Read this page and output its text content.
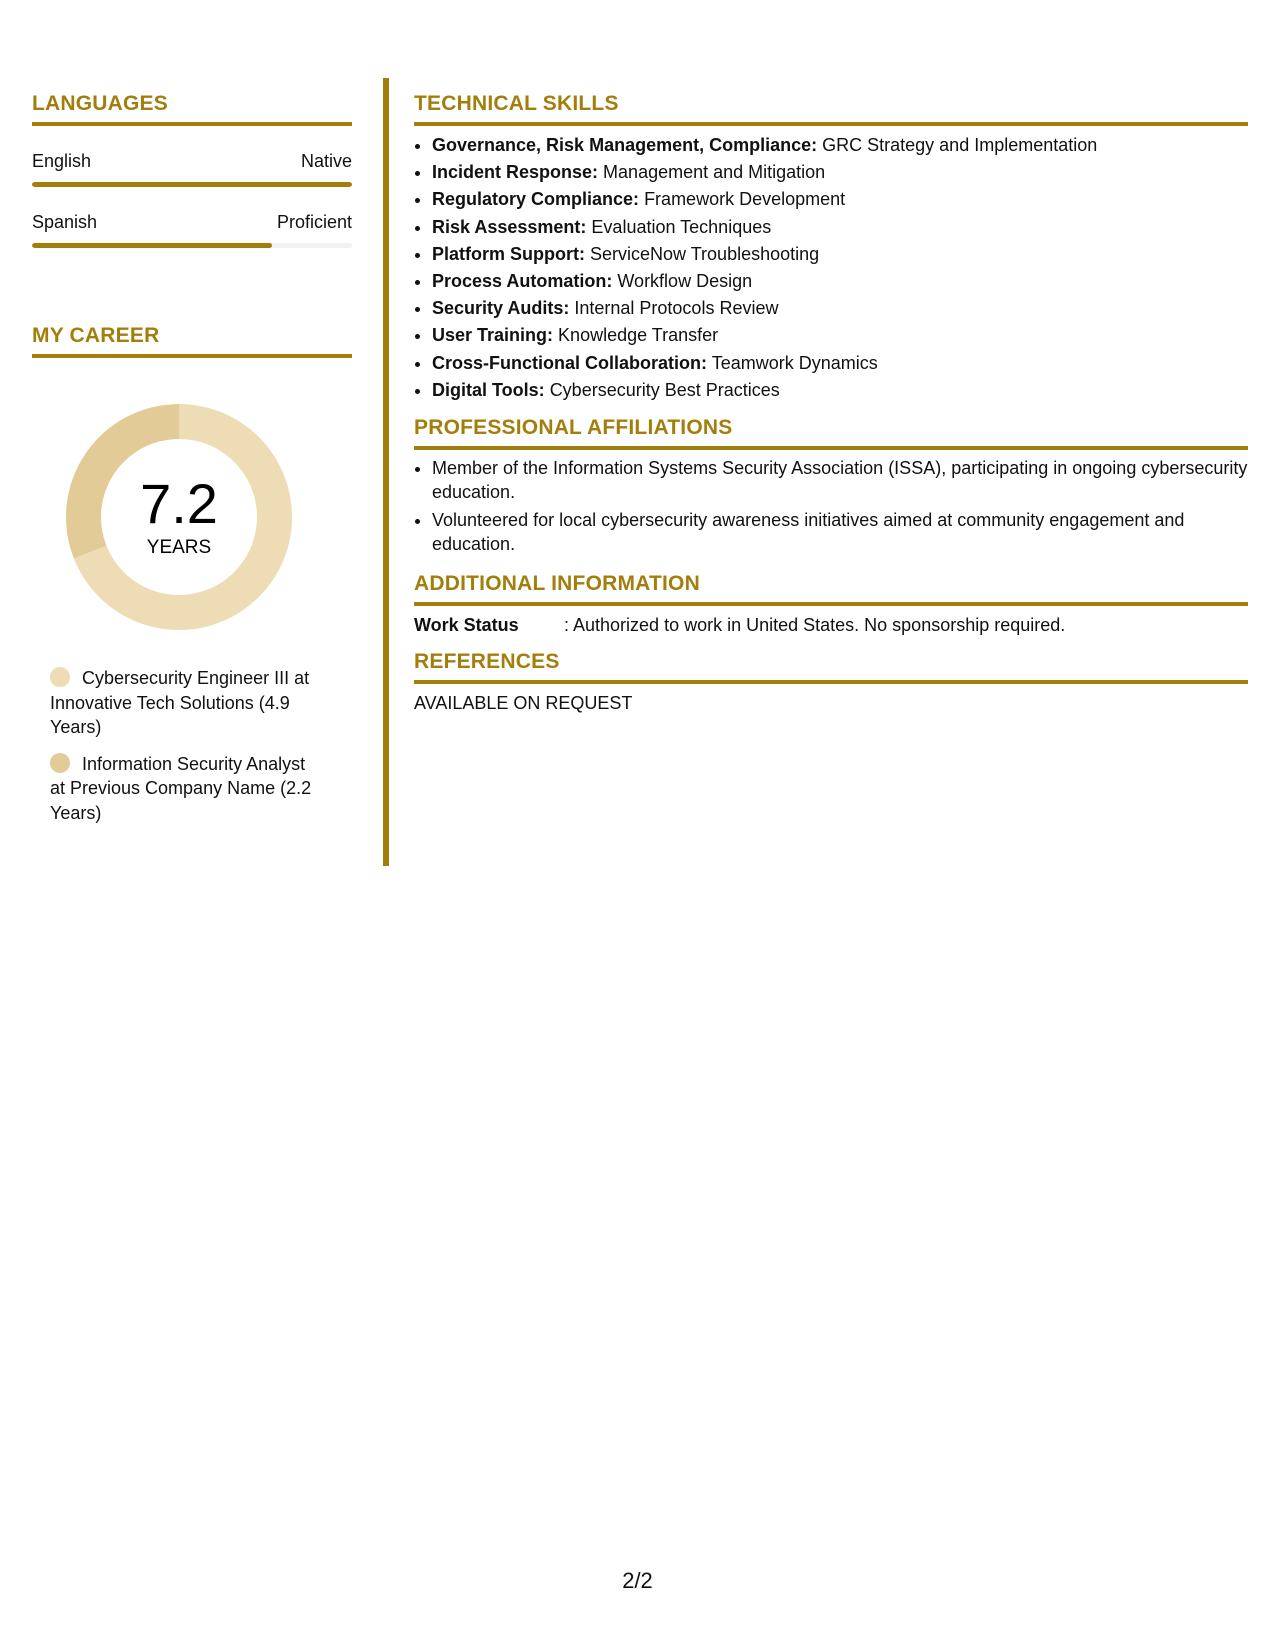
LANGUAGES
English	Native
Spanish	Proficient
MY CAREER
7.2
YEARS
Cybersecurity Engineer III at Innovative Tech Solutions (4.9 Years)
Information Security Analyst at Previous Company Name (2.2 Years)
TECHNICAL SKILLS
• Governance, Risk Management, Compliance: GRC Strategy and Implementation
• Incident Response: Management and Mitigation
• Regulatory Compliance: Framework Development
• Risk Assessment: Evaluation Techniques
• Platform Support: ServiceNow Troubleshooting
• Process Automation: Workflow Design
• Security Audits: Internal Protocols Review
• User Training: Knowledge Transfer
• Cross-Functional Collaboration: Teamwork Dynamics
• Digital Tools: Cybersecurity Best Practices
PROFESSIONAL AFFILIATIONS
• Member of the Information Systems Security Association (ISSA), participating in ongoing cybersecurity education.
• Volunteered for local cybersecurity awareness initiatives aimed at community engagement and education.
ADDITIONAL INFORMATION
Work Status	: Authorized to work in United States. No sponsorship required.
REFERENCES
AVAILABLE ON REQUEST
2/2
